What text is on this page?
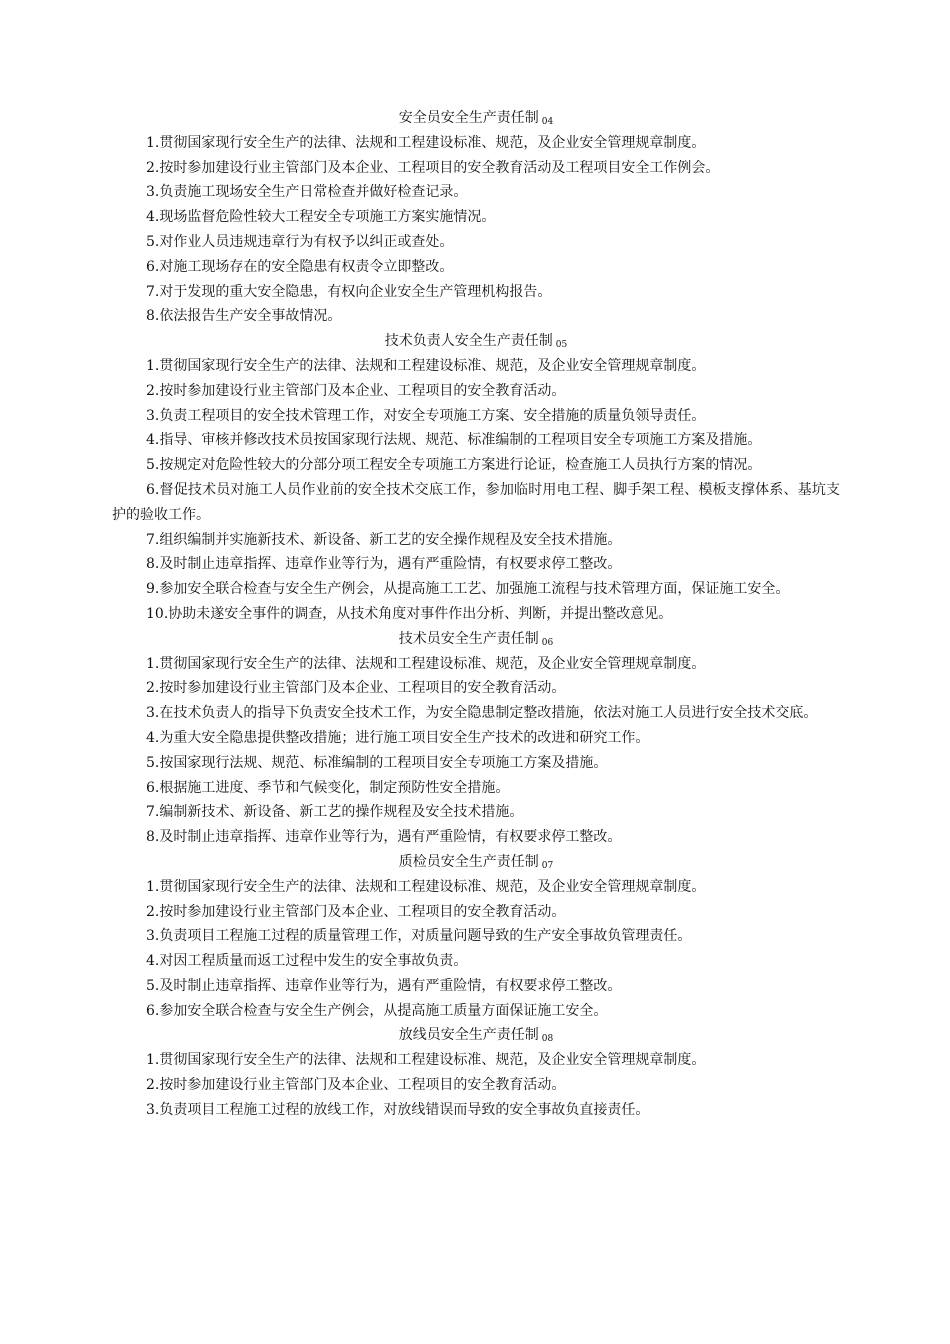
安全员安全生产责任制 04

1.贯彻国家现行安全生产的法律、法规和工程建设标准、规范，及企业安全管理规章制度。

2.按时参加建设行业主管部门及本企业、工程项目的安全教育活动及工程项目安全工作例会。

3.负责施工现场安全生产日常检查并做好检查记录。

4.现场监督危险性较大工程安全专项施工方案实施情况。

5.对作业人员违规违章行为有权予以纠正或查处。

6.对施工现场存在的安全隐患有权责令立即整改。

7.对于发现的重大安全隐患，有权向企业安全生产管理机构报告。

8.依法报告生产安全事故情况。

技术负责人安全生产责任制 05

1.贯彻国家现行安全生产的法律、法规和工程建设标准、规范，及企业安全管理规章制度。

2.按时参加建设行业主管部门及本企业、工程项目的安全教育活动。

3.负责工程项目的安全技术管理工作，对安全专项施工方案、安全措施的质量负领导责任。

4.指导、审核并修改技术员按国家现行法规、规范、标准编制的工程项目安全专项施工方案及措施。

5.按规定对危险性较大的分部分项工程安全专项施工方案进行论证，检查施工人员执行方案的情况。

6.督促技术员对施工人员作业前的安全技术交底工作，参加临时用电工程、脚手架工程、模板支撑体系、基坑支护的验收工作。

7.组织编制并实施新技术、新设备、新工艺的安全操作规程及安全技术措施。

8.及时制止违章指挥、违章作业等行为，遇有严重险情，有权要求停工整改。

9.参加安全联合检查与安全生产例会，从提高施工工艺、加强施工流程与技术管理方面，保证施工安全。

10.协助未遂安全事件的调查，从技术角度对事件作出分析、判断，并提出整改意见。

技术员安全生产责任制 06

1.贯彻国家现行安全生产的法律、法规和工程建设标准、规范，及企业安全管理规章制度。

2.按时参加建设行业主管部门及本企业、工程项目的安全教育活动。

3.在技术负责人的指导下负责安全技术工作，为安全隐患制定整改措施，依法对施工人员进行安全技术交底。

4.为重大安全隐患提供整改措施；进行施工项目安全生产技术的改进和研究工作。

5.按国家现行法规、规范、标准编制的工程项目安全专项施工方案及措施。

6.根据施工进度、季节和气候变化，制定预防性安全措施。

7.编制新技术、新设备、新工艺的操作规程及安全技术措施。

8.及时制止违章指挥、违章作业等行为，遇有严重险情，有权要求停工整改。

质检员安全生产责任制 07

1.贯彻国家现行安全生产的法律、法规和工程建设标准、规范，及企业安全管理规章制度。

2.按时参加建设行业主管部门及本企业、工程项目的安全教育活动。

3.负责项目工程施工过程的质量管理工作，对质量问题导致的生产安全事故负管理责任。

4.对因工程质量而返工过程中发生的安全事故负责。

5.及时制止违章指挥、违章作业等行为，遇有严重险情，有权要求停工整改。

6.参加安全联合检查与安全生产例会，从提高施工质量方面保证施工安全。

放线员安全生产责任制 08

1.贯彻国家现行安全生产的法律、法规和工程建设标准、规范，及企业安全管理规章制度。

2.按时参加建设行业主管部门及本企业、工程项目的安全教育活动。

3.负责项目工程施工过程的放线工作，对放线错误而导致的安全事故负直接责任。
